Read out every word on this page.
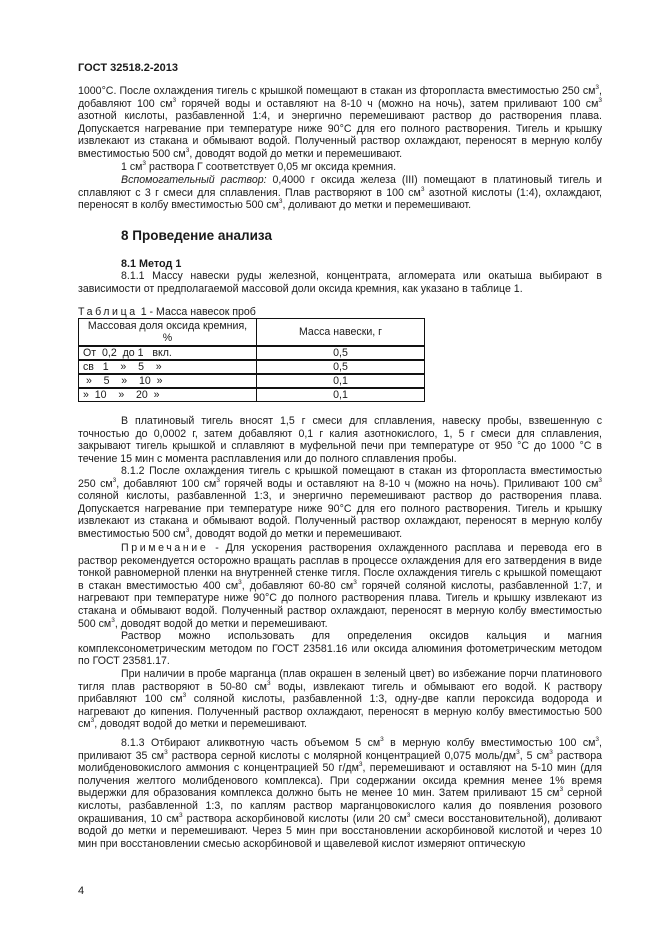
ГОСТ 32518.2-2013
1000°С. После охлаждения тигель с крышкой помещают в стакан из фторопласта вместимостью 250 $см^3$, добавляют 100 $см^3$ горячей воды и оставляют на 8-10 ч (можно на ночь), затем приливают 100 $см^3$ азотной кислоты, разбавленной 1:4, и энергично перемешивают раствор до растворения плава. Допускается нагревание при температуре ниже 90°С для его полного растворения. Тигель и крышку извлекают из стакана и обмывают водой. Полученный раствор охлаждают, переносят в мерную колбу вместимостью 500 $см^3$, доводят водой до метки и перемешивают.
1 $см^3$ раствора Г соответствует 0,05 мг оксида кремния.
Вспомогательный раствор: 0,4000 г оксида железа (III) помещают в платиновый тигель и сплавляют с 3 г смеси для сплавления. Плав растворяют в 100 $см^3$ азотной кислоты (1:4), охлаждают, переносят в колбу вместимостью 500 $см^3$, доливают до метки и перемешивают.
8 Проведение анализа
8.1 Метод 1
8.1.1 Массу навески руды железной, концентрата, агломерата или окатыша выбирают в зависимости от предполагаемой массовой доли оксида кремния, как указано в таблице 1.
Таблица 1 - Масса навесок проб
Массовая доля оксида кремния, %	Масса навески, г
От  0,2  до 1   вкл.	0,5
св   1    »    5    »	0,5
»    5    »    10  »	0,1
»  10    »    20  »	0,1
В платиновый тигель вносят 1,5 г смеси для сплавления, навеску пробы, взвешенную с точностью до 0,0002 г, затем добавляют 0,1 г калия азотнокислого, 1, 5 г смеси для сплавления, закрывают тигель крышкой и сплавляют в муфельной печи при температуре от 950 °С до 1000 °С в течение 15 мин с момента расплавления или до полного сплавления пробы.
8.1.2 После охлаждения тигель с крышкой помещают в стакан из фторопласта вместимостью 250 $см^3$, добавляют 100 $см^3$ горячей воды и оставляют на 8-10 ч (можно на ночь). Приливают 100 $см^3$ соляной кислоты, разбавленной 1:3, и энергично перемешивают раствор до растворения плава. Допускается нагревание при температуре ниже 90°С для его полного растворения. Тигель и крышку извлекают из стакана и обмывают водой. Полученный раствор охлаждают, переносят в мерную колбу вместимостью 500 $см^3$, доводят водой до метки и перемешивают.
Примечание - Для ускорения растворения охлажденного расплава и перевода его в раствор рекомендуется осторожно вращать расплав в процессе охлаждения для его затвердения в виде тонкой равномерной пленки на внутренней стенке тигля. После охлаждения тигель с крышкой помещают в стакан вместимостью 400 $см^3$, добавляют 60-80 $см^3$ горячей соляной кислоты, разбавленной 1:7, и нагревают при температуре ниже 90°С до полного растворения плава. Тигель и крышку извлекают из стакана и обмывают водой. Полученный раствор охлаждают, переносят в мерную колбу вместимостью 500 $см^3$, доводят водой до метки и перемешивают.
Раствор можно использовать для определения оксидов кальция и магния комплексонометрическим методом по ГОСТ 23581.16 или оксида алюминия фотометрическим методом по ГОСТ 23581.17.
При наличии в пробе марганца (плав окрашен в зеленый цвет) во избежание порчи платинового тигля плав растворяют в 50-80 $см^3$ воды, извлекают тигель и обмывают его водой. К раствору прибавляют 100 $см^3$ соляной кислоты, разбавленной 1:3, одну-две капли пероксида водорода и нагревают до кипения. Полученный раствор охлаждают, переносят в мерную колбу вместимостью 500 $см^3$, доводят водой до метки и перемешивают.
8.1.3 Отбирают аликвотную часть объемом 5 $см^3$ в мерную колбу вместимостью 100 $см^3$, приливают 35 $см^3$ раствора серной кислоты с молярной концентрацией 0,075 моль/$дм^3$, 5 $см^3$ раствора молибденовокислого аммония с концентрацией 50 $г/дм^3$, перемешивают и оставляют на 5-10 мин (для получения желтого молибденового комплекса). При содержании оксида кремния менее 1% время выдержки для образования комплекса должно быть не менее 10 мин. Затем приливают 15 $см^3$ серной кислоты, разбавленной 1:3, по каплям раствор марганцовокислого калия до появления розового окрашивания, 10 $см^3$ раствора аскорбиновой кислоты (или 20 $см^3$ смеси восстановительной), доливают водой до метки и перемешивают. Через 5 мин при восстановлении аскорбиновой кислотой и через 10 мин при восстановлении смесью аскорбиновой и щавелевой кислот измеряют оптическую
4
